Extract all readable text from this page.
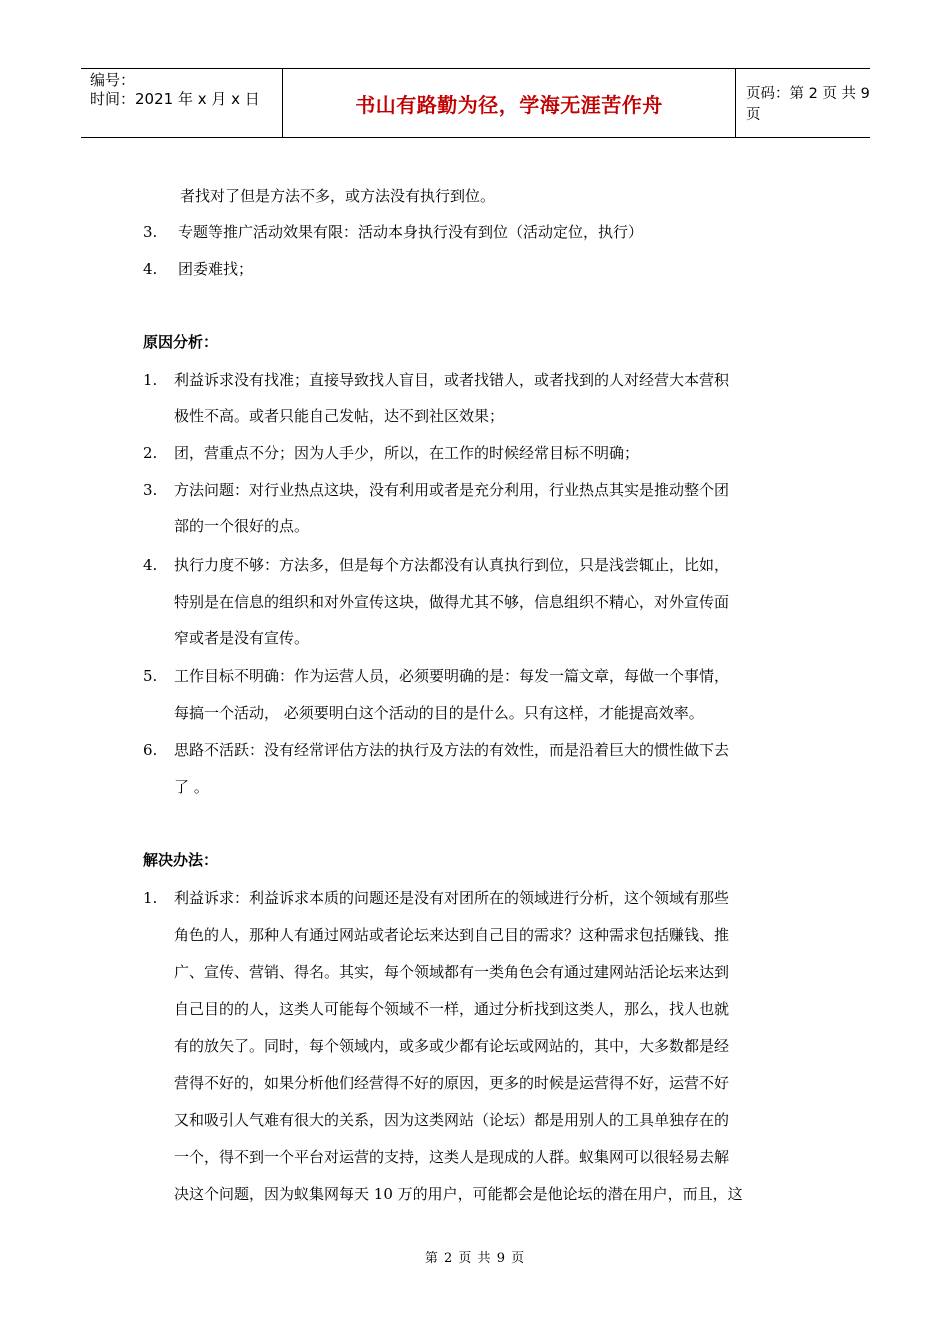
编号：
时间：2021 年 x 月 x 日	书山有路勤为径，学海无涯苦作舟	页码：第 2 页 共 9 页
者找对了但是方法不多，或方法没有执行到位。
3. 专题等推广活动效果有限：活动本身执行没有到位（活动定位，执行）
4. 团委难找；
原因分析：
1. 利益诉求没有找准；直接导致找人盲目，或者找错人，或者找到的人对经营大本营积
极性不高。或者只能自己发帖，达不到社区效果；
2. 团，营重点不分；因为人手少，所以，在工作的时候经常目标不明确；
3. 方法问题：对行业热点这块，没有利用或者是充分利用，行业热点其实是推动整个团
部的一个很好的点。
4. 执行力度不够：方法多，但是每个方法都没有认真执行到位，只是浅尝辄止，比如，
特别是在信息的组织和对外宣传这块，做得尤其不够，信息组织不精心，对外宣传面
窄或者是没有宣传。
5. 工作目标不明确：作为运营人员，必须要明确的是：每发一篇文章，每做一个事情，
每搞一个活动， 必须要明白这个活动的目的是什么。只有这样，才能提高效率。
6. 思路不活跃：没有经常评估方法的执行及方法的有效性，而是沿着巨大的惯性做下去
了 。
解决办法：
1. 利益诉求：利益诉求本质的问题还是没有对团所在的领域进行分析，这个领域有那些
角色的人，那种人有通过网站或者论坛来达到自己目的需求？这种需求包括赚钱、推
广、宣传、营销、得名。其实，每个领域都有一类角色会有通过建网站活论坛来达到
自己目的的人，这类人可能每个领域不一样，通过分析找到这类人，那么，找人也就
有的放矢了。同时，每个领域内，或多或少都有论坛或网站的，其中，大多数都是经
营得不好的，如果分析他们经营得不好的原因，更多的时候是运营得不好，运营不好
又和吸引人气难有很大的关系，因为这类网站（论坛）都是用别人的工具单独存在的
一个，得不到一个平台对运营的支持，这类人是现成的人群。蚁集网可以很轻易去解
决这个问题，因为蚁集网每天 10 万的用户，可能都会是他论坛的潜在用户，而且，这
第 2 页 共 9 页
